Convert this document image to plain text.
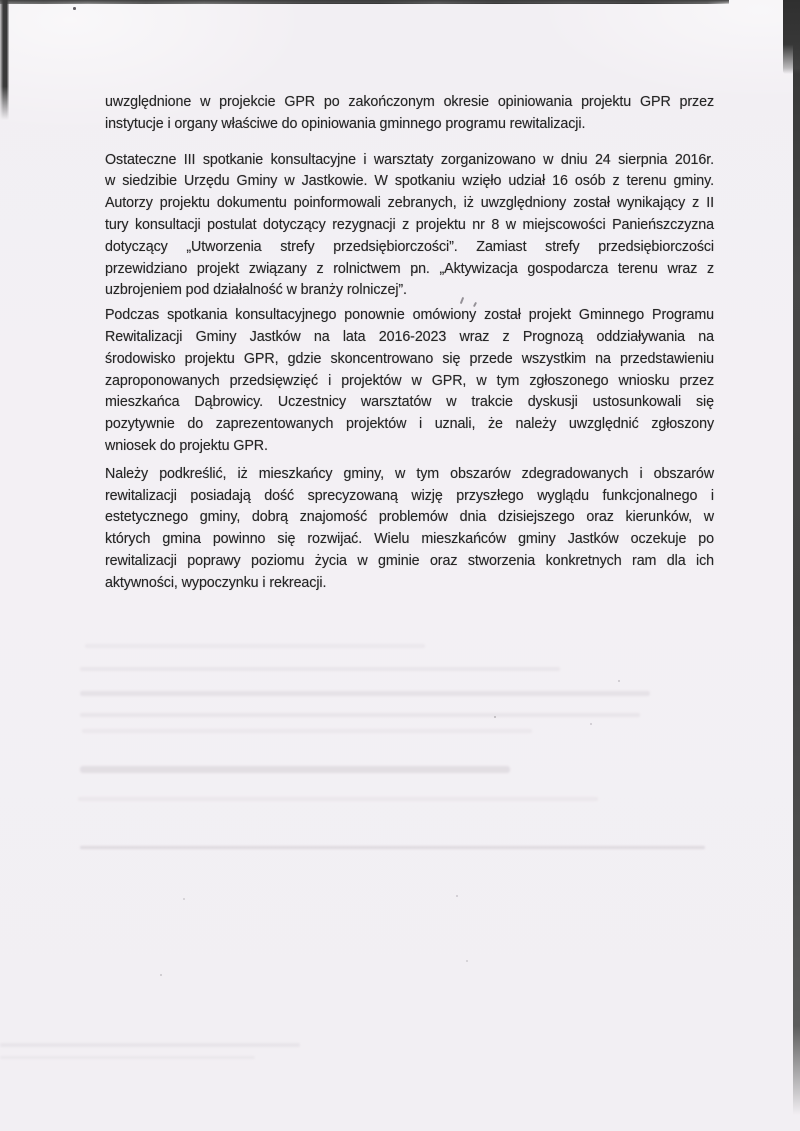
uwzględnione w projekcie GPR po zakończonym okresie opiniowania projektu GPR przez
instytucje i organy właściwe do opiniowania gminnego programu rewitalizacji.
Ostateczne III spotkanie konsultacyjne i warsztaty zorganizowano w dniu 24 sierpnia 2016r.
w siedzibie Urzędu Gminy w Jastkowie. W spotkaniu wzięło udział 16 osób z terenu gminy.
Autorzy projektu dokumentu poinformowali zebranych, iż uwzględniony został wynikający z II
tury konsultacji postulat dotyczący rezygnacji z projektu nr 8 w miejscowości Panieńszczyzna
dotyczący „Utworzenia strefy przedsiębiorczości”. Zamiast strefy przedsiębiorczości
przewidziano projekt związany z rolnictwem pn. „Aktywizacja gospodarcza terenu wraz z
uzbrojeniem pod działalność w branży rolniczej”.
Podczas spotkania konsultacyjnego ponownie omówiony został projekt Gminnego Programu
Rewitalizacji Gminy Jastków na lata 2016-2023 wraz z Prognozą oddziaływania na
środowisko projektu GPR, gdzie skoncentrowano się przede wszystkim na przedstawieniu
zaproponowanych przedsięwzięć i projektów w GPR, w tym zgłoszonego wniosku przez
mieszkańca Dąbrowicy. Uczestnicy warsztatów w trakcie dyskusji ustosunkowali się
pozytywnie do zaprezentowanych projektów i uznali, że należy uwzględnić zgłoszony
wniosek do projektu GPR.
Należy podkreślić, iż mieszkańcy gminy, w tym obszarów zdegradowanych i obszarów
rewitalizacji posiadają dość sprecyzowaną wizję przyszłego wyglądu funkcjonalnego i
estetycznego gminy, dobrą znajomość problemów dnia dzisiejszego oraz kierunków, w
których gmina powinno się rozwijać. Wielu mieszkańców gminy Jastków oczekuje po
rewitalizacji poprawy poziomu życia w gminie oraz stworzenia konkretnych ram dla ich
aktywności, wypoczynku i rekreacji.
